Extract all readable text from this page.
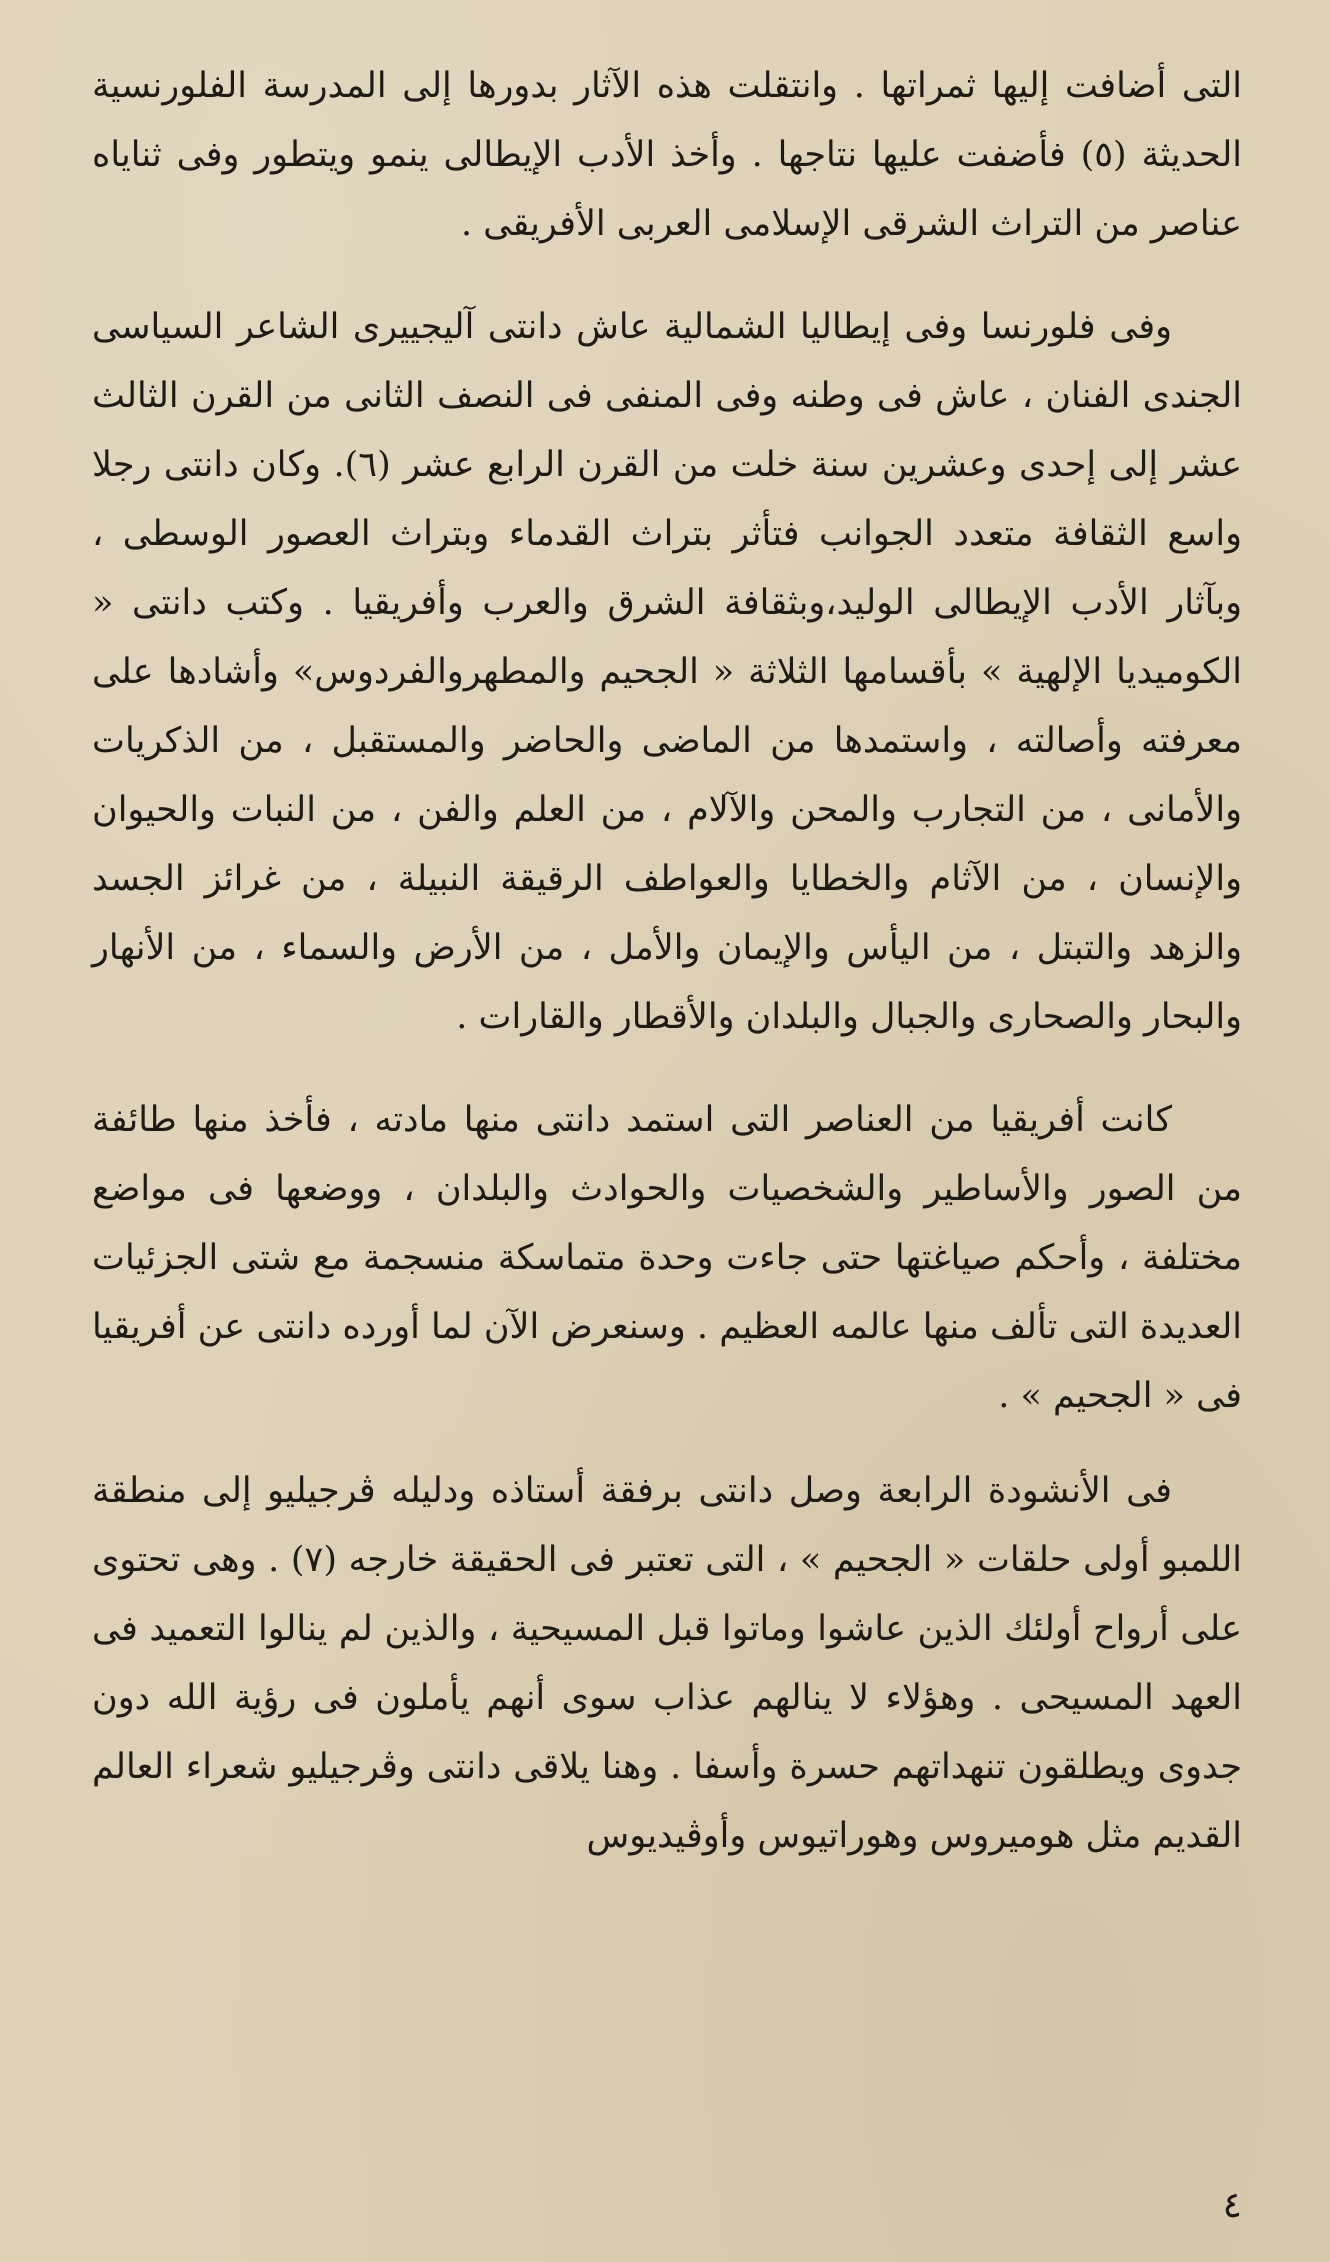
التى أضافت إليها ثمراتها . وانتقلت هذه الآثار بدورها إلى المدرسة الفلورنسية الحديثة (٥) فأضفت عليها نتاجها . وأخذ الأدب الإيطالى ينمو ويتطور وفى ثناياه عناصر من التراث الشرقى الإسلامى العربى الأفريقى .

وفى فلورنسا وفى إيطاليا الشمالية عاش دانتى آليجييرى الشاعر السياسى الجندى الفنان ، عاش فى وطنه وفى المنفى فى النصف الثانى من القرن الثالث عشر إلى إحدى وعشرين سنة خلت من القرن الرابع عشر (٦). وكان دانتى رجلا واسع الثقافة متعدد الجوانب فتأثر بتراث القدماء وبتراث العصور الوسطى ، وبآثار الأدب الإيطالى الوليد،وبثقافة الشرق والعرب وأفريقيا . وكتب دانتى « الكوميديا الإلهية » بأقسامها الثلاثة « الجحيم والمطهروالفردوس» وأشادها على معرفته وأصالته ، واستمدها من الماضى والحاضر والمستقبل ، من الذكريات والأمانى ، من التجارب والمحن والآلام ، من العلم والفن ، من النبات والحيوان والإنسان ، من الآثام والخطايا والعواطف الرقيقة النبيلة ، من غرائز الجسد والزهد والتبتل ، من اليأس والإيمان والأمل ، من الأرض والسماء ، من الأنهار والبحار والصحارى والجبال والبلدان والأقطار والقارات .

كانت أفريقيا من العناصر التى استمد دانتى منها مادته ، فأخذ منها طائفة من الصور والأساطير والشخصيات والحوادث والبلدان ، ووضعها فى مواضع مختلفة ، وأحكم صياغتها حتى جاءت وحدة متماسكة منسجمة مع شتى الجزئيات العديدة التى تألف منها عالمه العظيم . وسنعرض الآن لما أورده دانتى عن أفريقيا فى « الجحيم » .

فى الأنشودة الرابعة وصل دانتى برفقة أستاذه ودليله ڤرجيليو إلى منطقة اللمبو أولى حلقات « الجحيم » ، التى تعتبر فى الحقيقة خارجه (٧) . وهى تحتوى على أرواح أولئك الذين عاشوا وماتوا قبل المسيحية ، والذين لم ينالوا التعميد فى العهد المسيحى . وهؤلاء لا ينالهم عذاب سوى أنهم يأملون فى رؤية الله دون جدوى ويطلقون تنهداتهم حسرة وأسفا . وهنا يلاقى دانتى وڤرجيليو شعراء العالم القديم مثل هوميروس وهوراتيوس وأوڤيديوس

٤
